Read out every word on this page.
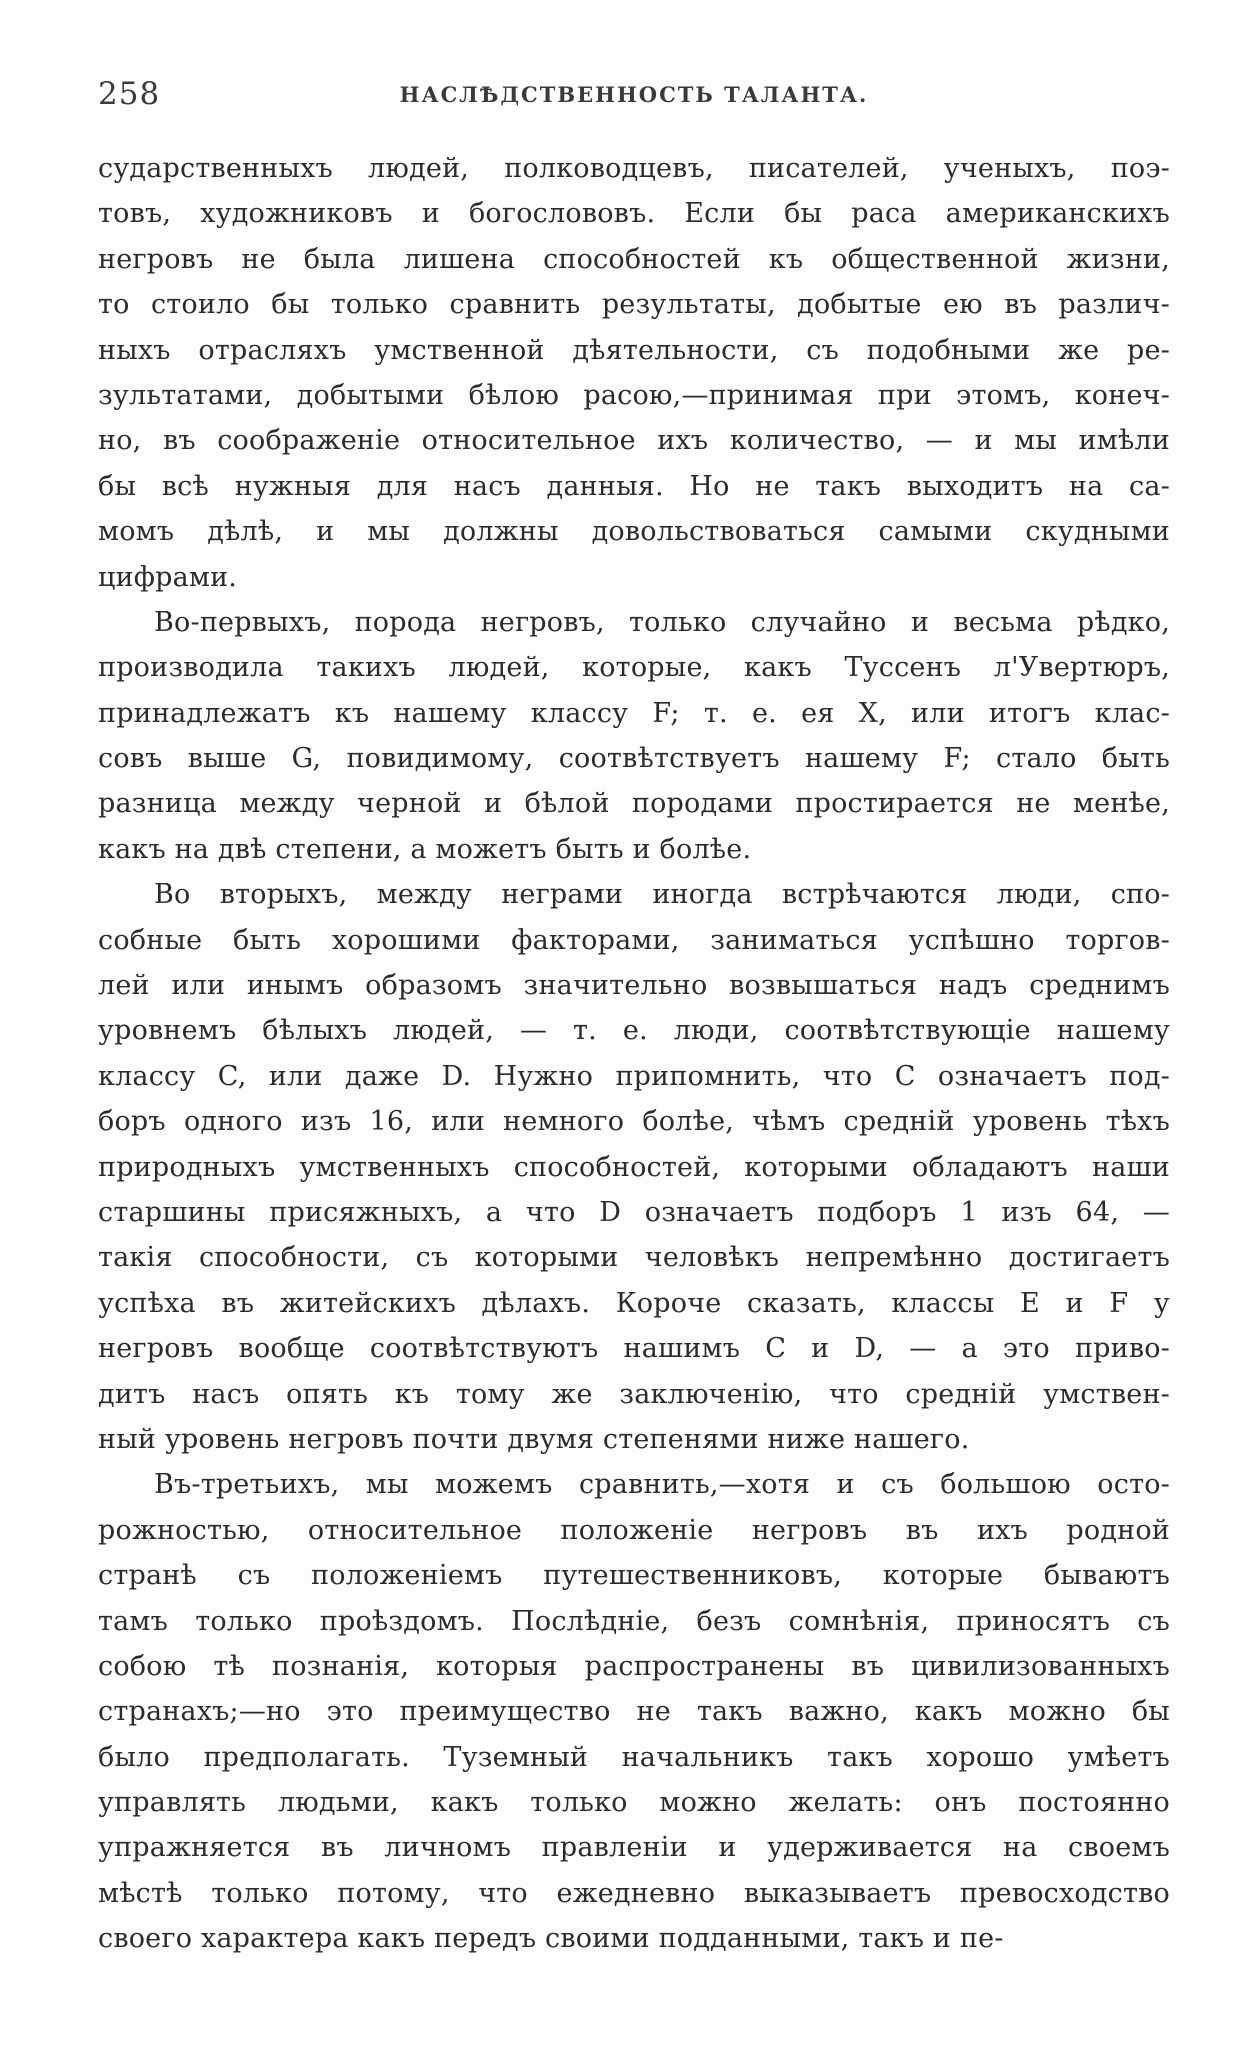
258	НАСЛѢДСТВЕННОСТЬ ТАЛАНТА.
сударственныхъ людей, полководцевъ, писателей, ученыхъ, поэ-
товъ, художниковъ и богослововъ. Если бы раса американскихъ
негровъ не была лишена способностей къ общественной жизни,
то стоило бы только сравнить результаты, добытые ею въ различ-
ныхъ отрасляхъ умственной дѣятельности, съ подобными же ре-
зультатами, добытыми бѣлою расою,—принимая при этомъ, конеч-
но, въ соображеніе относительное ихъ количество, — и мы имѣли
бы всѣ нужныя для насъ данныя. Но не такъ выходитъ на са-
момъ дѣлѣ, и мы должны довольствоваться самыми скудными
цифрами.
Во-первыхъ, порода негровъ, только случайно и весьма рѣдко,
производила такихъ людей, которые, какъ Туссенъ л'Увертюръ,
принадлежатъ къ нашему классу F; т. е. ея X, или итогъ клас-
совъ выше G, повидимому, соотвѣтствуетъ нашему F; стало быть
разница между черной и бѣлой породами простирается не менѣе,
какъ на двѣ степени, а можетъ быть и болѣе.
Во вторыхъ, между неграми иногда встрѣчаются люди, спо-
собные быть хорошими факторами, заниматься успѣшно торгов-
лей или инымъ образомъ значительно возвышаться надъ среднимъ
уровнемъ бѣлыхъ людей, — т. е. люди, соотвѣтствующіе нашему
классу C, или даже D. Нужно припомнить, что C означаетъ под-
боръ одного изъ 16, или немного болѣе, чѣмъ средній уровень тѣхъ
природныхъ умственныхъ способностей, которыми обладаютъ наши
старшины присяжныхъ, а что D означаетъ подборъ 1 изъ 64, —
такія способности, съ которыми человѣкъ непремѣнно достигаетъ
успѣха въ житейскихъ дѣлахъ. Короче сказать, классы E и F у
негровъ вообще соотвѣтствуютъ нашимъ C и D, — а это приво-
дитъ насъ опять къ тому же заключенію, что средній умствен-
ный уровень негровъ почти двумя степенями ниже нашего.
Въ-третьихъ, мы можемъ сравнить,—хотя и съ большою осто-
рожностью, относительное положеніе негровъ въ ихъ родной
странѣ съ положеніемъ путешественниковъ, которые бываютъ
тамъ только проѣздомъ. Послѣдніе, безъ сомнѣнія, приносятъ съ
собою тѣ познанія, которыя распространены въ цивилизованныхъ
странахъ;—но это преимущество не такъ важно, какъ можно бы
было предполагать. Туземный начальникъ такъ хорошо умѣетъ
управлять людьми, какъ только можно желать: онъ постоянно
упражняется въ личномъ правленіи и удерживается на своемъ
мѣстѣ только потому, что ежедневно выказываетъ превосходство
своего характера какъ передъ своими подданными, такъ и пе-
